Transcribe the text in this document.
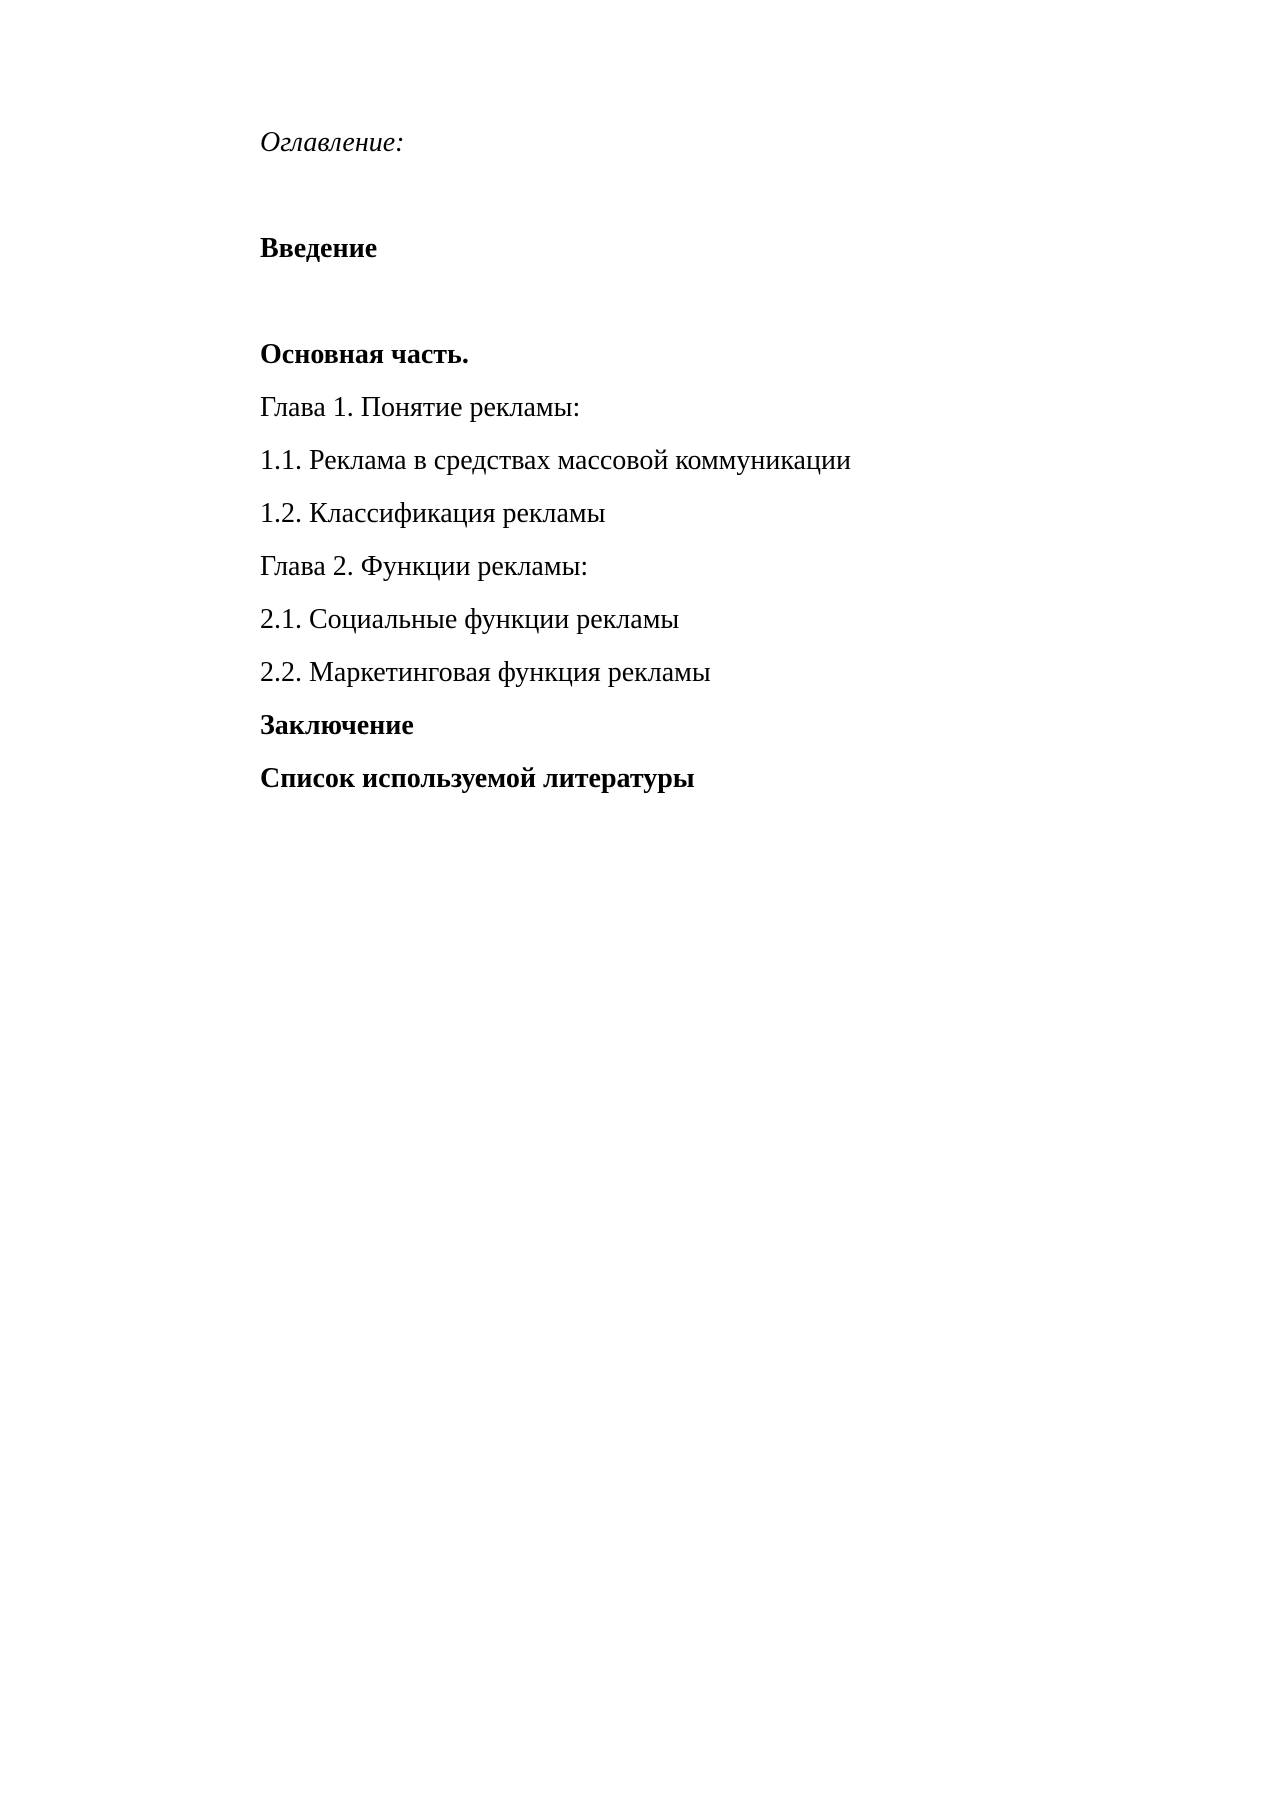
Оглавление:
Введение
Основная часть.
Глава 1. Понятие рекламы:
1.1. Реклама в средствах массовой коммуникации
1.2. Классификация рекламы
Глава 2. Функции рекламы:
2.1. Социальные функции рекламы
2.2. Маркетинговая функция рекламы
Заключение
Список используемой литературы
